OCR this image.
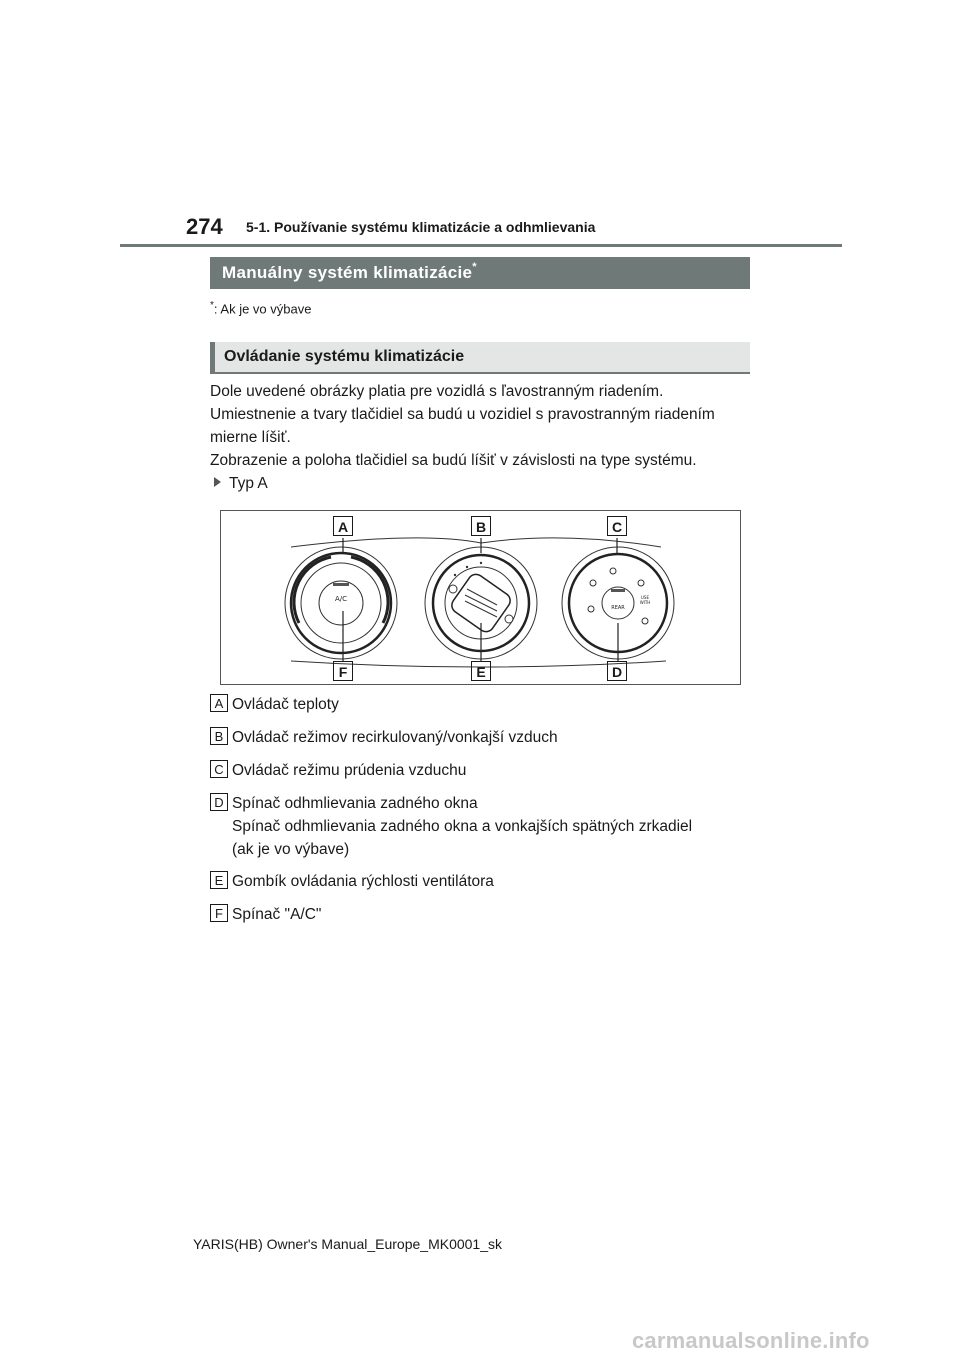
274 5-1. Používanie systému klimatizácie a odhmlievania
Manuálny systém klimatizácie*
*: Ak je vo výbave
Ovládanie systému klimatizácie
Dole uvedené obrázky platia pre vozidlá s ľavostranným riadením.
Umiestnenie a tvary tlačidiel sa budú u vozidiel s pravostranným riadením
mierne líšiť.
Zobrazenie a poloha tlačidiel sa budú líšiť v závislosti na type systému.
Typ A
A/C
REAR
USE
WITH
A	B	C
D
E
F
A Ovládač teploty
B Ovládač režimov recirkulovaný/vonkajší vzduch
C Ovládač režimu prúdenia vzduchu
D Spínač odhmlievania zadného okna
Spínač odhmlievania zadného okna a vonkajších spätných zrkadiel
(ak je vo výbave)
E Gombík ovládania rýchlosti ventilátora
F Spínač "A/C"
YARIS(HB) Owner's Manual_Europe_MK0001_sk
carmanualsonline.info
